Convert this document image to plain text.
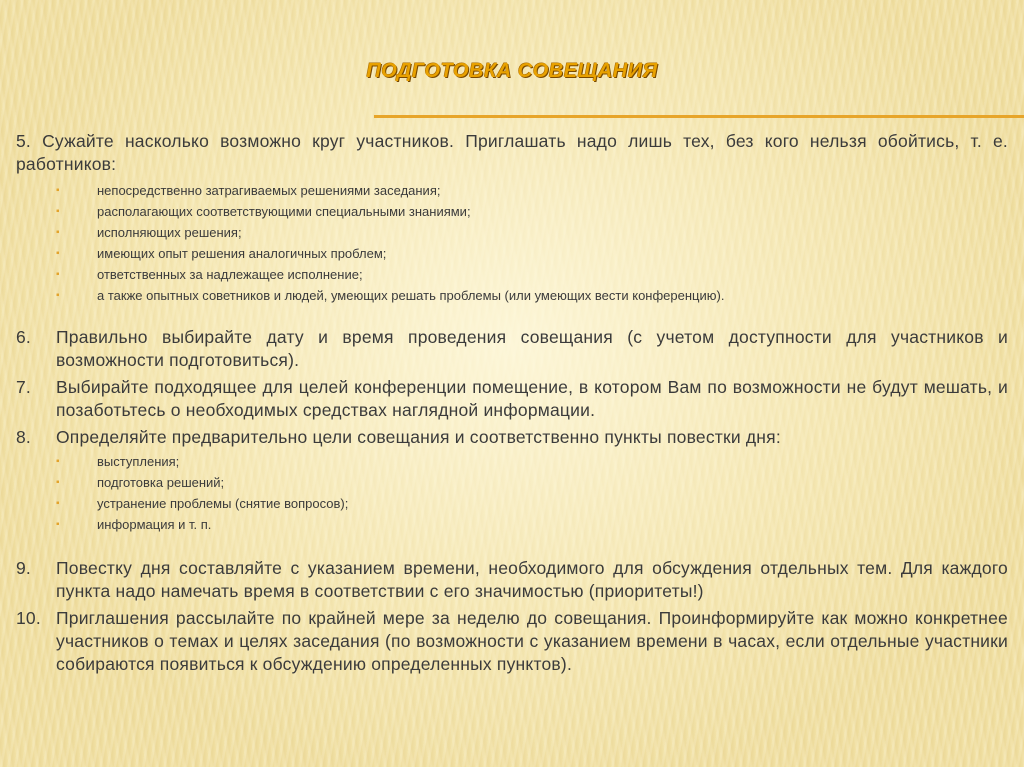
ПОДГОТОВКА СОВЕЩАНИЯ
5. Сужайте насколько возможно круг участников. Приглашать надо лишь тех, без кого нельзя обойтись, т. е. работников:
▪	непосредственно затрагиваемых решениями заседания;
▪	располагающих соответствующими специальными знаниями;
▪	исполняющих решения;
▪	имеющих опыт решения аналогичных проблем;
▪	ответственных за надлежащее исполнение;
▪	а также опытных советников и людей, умеющих решать проблемы (или умеющих вести конференцию).
6.	Правильно выбирайте дату и время проведения совещания (с учетом доступности для участников и возможности подготовиться).
7.	Выбирайте подходящее для целей конференции помещение, в котором Вам по возможности не будут мешать, и позаботьтесь о необходимых средствах наглядной информации.
8.	Определяйте предварительно цели совещания и соответственно пункты повестки дня:
▪	выступления;
▪	подготовка решений;
▪	устранение проблемы (снятие вопросов);
▪	информация и т. п.
9.	Повестку дня составляйте с указанием времени, необходимого для обсуждения отдельных тем. Для каждого пункта надо намечать время в соответствии с его значимостью (приоритеты!)
10. Приглашения рассылайте по крайней мере за неделю до совещания. Проинформируйте как можно конкретнее участников о темах и целях заседания (по возможности с указанием времени в часах, если отдельные участники собираются появиться к обсуждению определенных пунктов).
